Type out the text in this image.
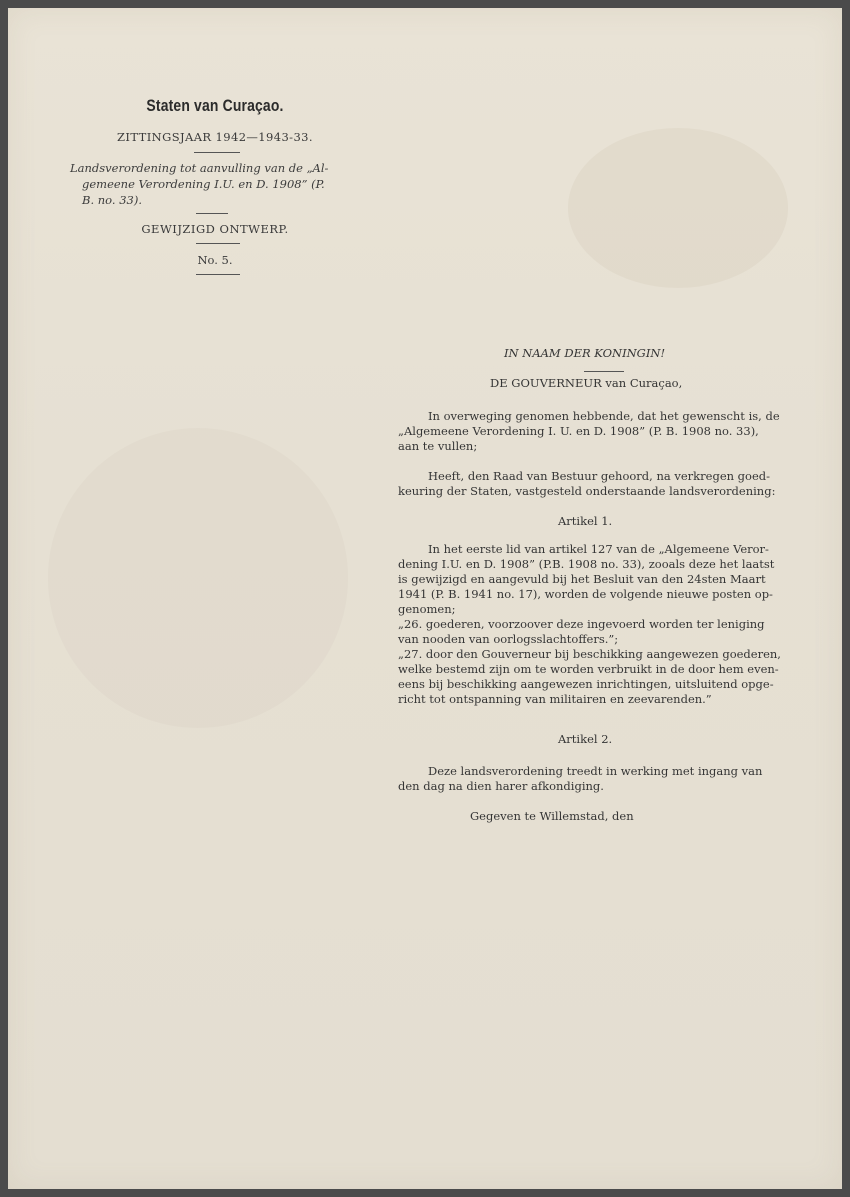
Staten van Curaçao.
ZITTINGSJAAR 1942—1943-33.
Landsverordening tot aanvulling van de „Al-
gemeene Verordening I.U. en D. 1908” (P.
B. no. 33).
GEWIJZIGD ONTWERP.
No. 5.
IN NAAM DER KONINGIN!
DE GOUVERNEUR van Curaçao,
In overweging genomen hebbende, dat het gewenscht is, de
„Algemeene Verordening I. U. en D. 1908” (P. B. 1908 no. 33),
aan te vullen;
Heeft, den Raad van Bestuur gehoord, na verkregen goed-
keuring der Staten, vastgesteld onderstaande landsverordening:
Artikel 1.
In het eerste lid van artikel 127 van de „Algemeene Veror-
dening I.U. en D. 1908” (P.B. 1908 no. 33), zooals deze het laatst
is gewijzigd en aangevuld bij het Besluit van den 24sten Maart
1941 (P. B. 1941 no. 17), worden de volgende nieuwe posten op-
genomen;
„26. goederen, voorzoover deze ingevoerd worden ter leniging
van nooden van oorlogsslachtoffers.”;
„27. door den Gouverneur bij beschikking aangewezen goederen,
welke bestemd zijn om te worden verbruikt in de door hem even-
eens bij beschikking aangewezen inrichtingen, uitsluitend opge-
richt tot ontspanning van militairen en zeevarenden.”
Artikel 2.
Deze landsverordening treedt in werking met ingang van
den dag na dien harer afkondiging.
Gegeven te Willemstad, den
